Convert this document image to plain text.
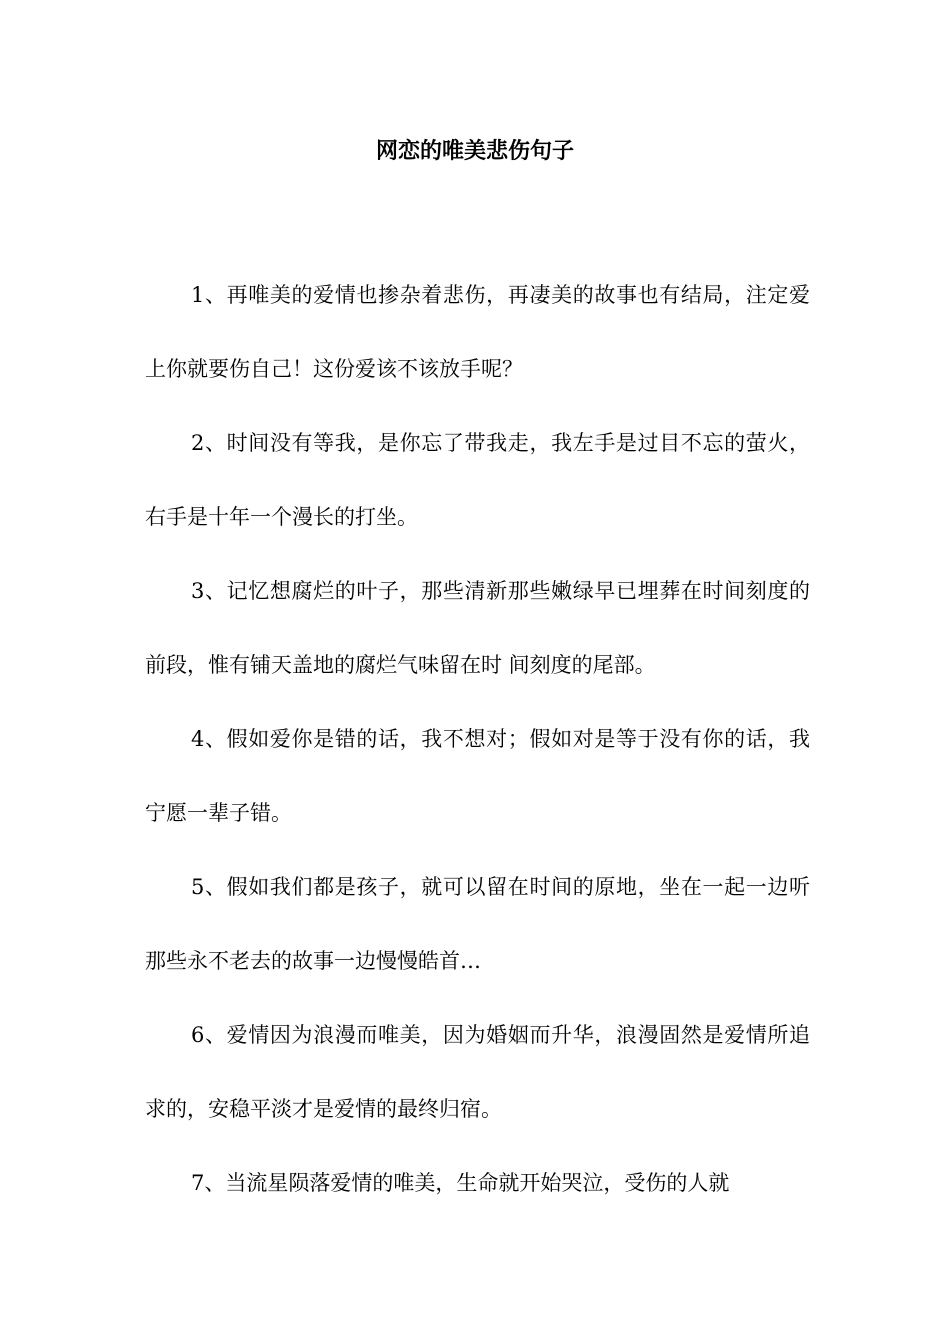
网恋的唯美悲伤句子

1、再唯美的爱情也掺杂着悲伤，再凄美的故事也有结局，注定爱上你就要伤自己！这份爱该不该放手呢？

2、时间没有等我，是你忘了带我走，我左手是过目不忘的萤火，右手是十年一个漫长的打坐。

3、记忆想腐烂的叶子，那些清新那些嫩绿早已埋葬在时间刻度的前段，惟有铺天盖地的腐烂气味留在时 间刻度的尾部。

4、假如爱你是错的话，我不想对；假如对是等于没有你的话，我宁愿一辈子错。

5、假如我们都是孩子，就可以留在时间的原地，坐在一起一边听那些永不老去的故事一边慢慢皓首…

6、爱情因为浪漫而唯美，因为婚姻而升华，浪漫固然是爱情所追求的，安稳平淡才是爱情的最终归宿。

7、当流星陨落爱情的唯美，生命就开始哭泣，受伤的人就
